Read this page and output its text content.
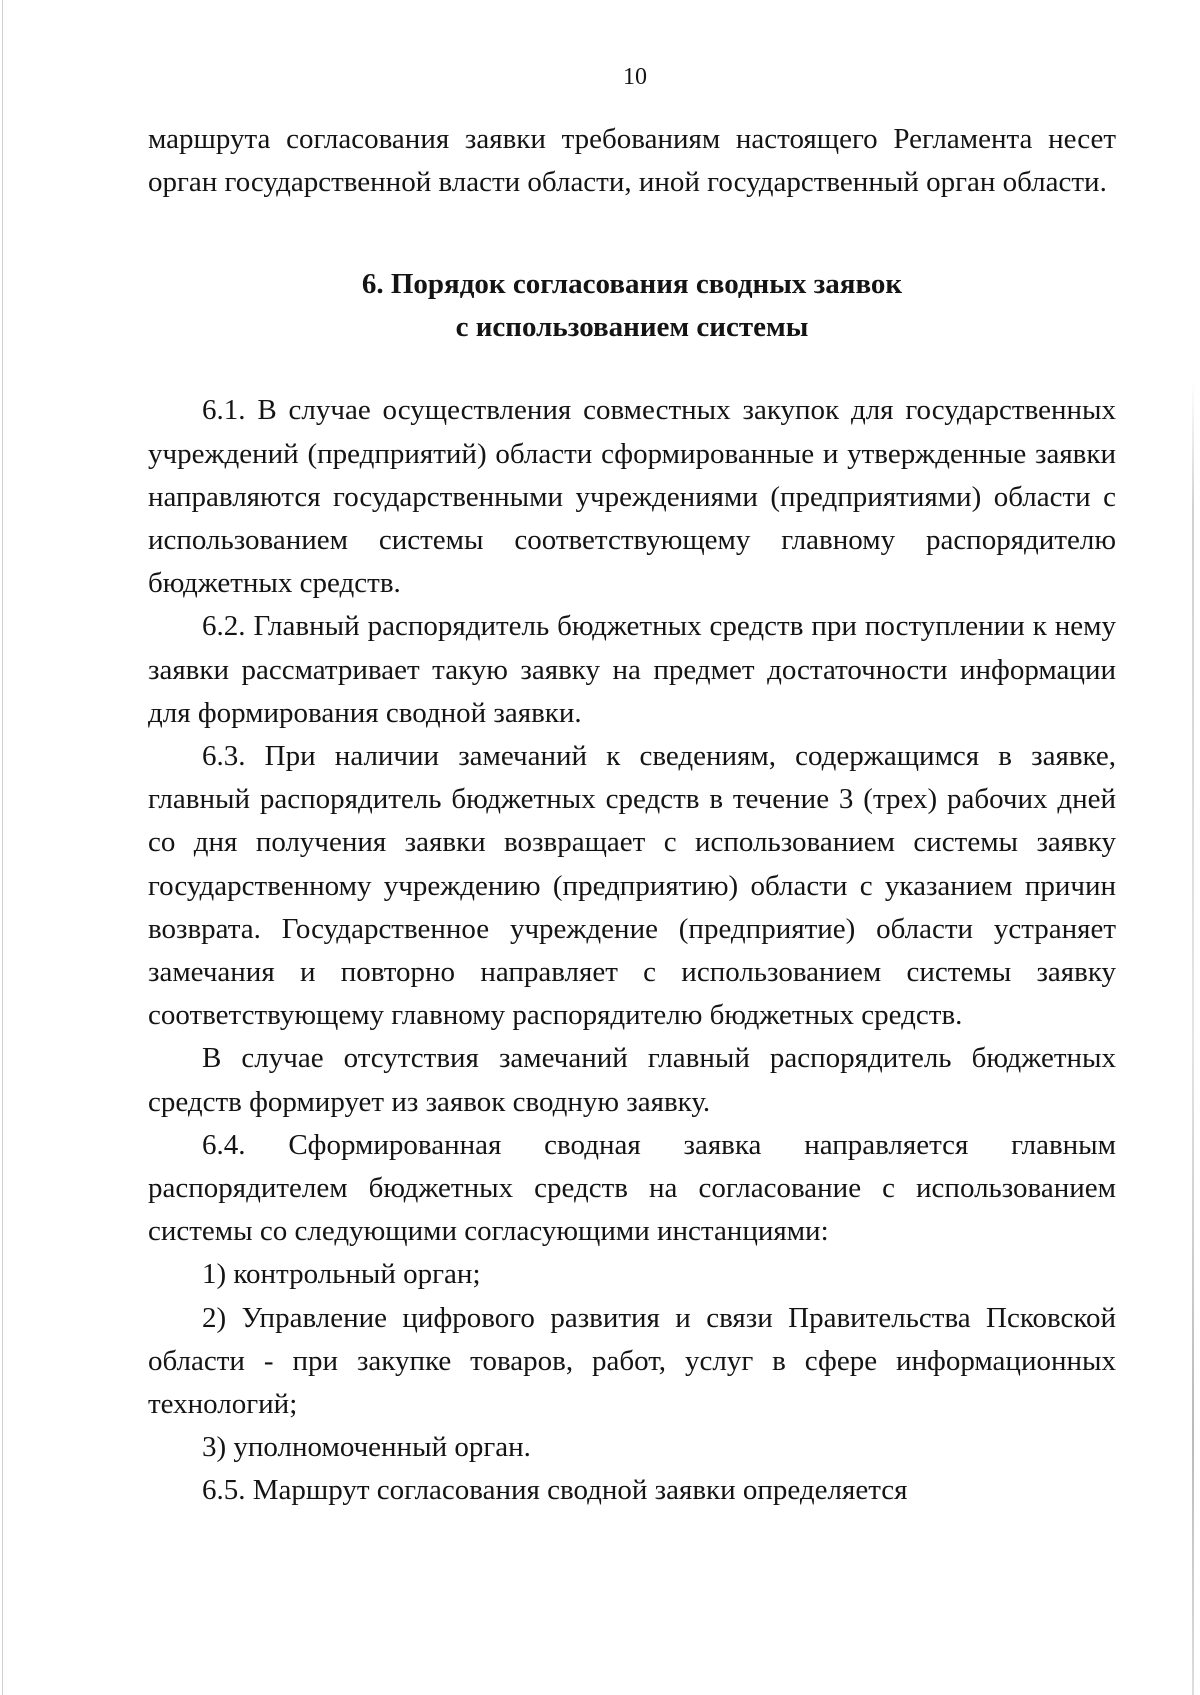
10

маршрута согласования заявки требованиям настоящего Регламента несет орган государственной власти области, иной государственный орган области.

6. Порядок согласования сводных заявок
с использованием системы

6.1. В случае осуществления совместных закупок для государственных учреждений (предприятий) области сформированные и утвержденные заявки направляются государственными учреждениями (предприятиями) области с использованием системы соответствующему главному распорядителю бюджетных средств.

6.2. Главный распорядитель бюджетных средств при поступлении к нему заявки рассматривает такую заявку на предмет достаточности информации для формирования сводной заявки.

6.3. При наличии замечаний к сведениям, содержащимся в заявке, главный распорядитель бюджетных средств в течение 3 (трех) рабочих дней со дня получения заявки возвращает с использованием системы заявку государственному учреждению (предприятию) области с указанием причин возврата. Государственное учреждение (предприятие) области устраняет замечания и повторно направляет с использованием системы заявку соответствующему главному распорядителю бюджетных средств.

В случае отсутствия замечаний главный распорядитель бюджетных средств формирует из заявок сводную заявку.

6.4. Сформированная сводная заявка направляется главным распорядителем бюджетных средств на согласование с использованием системы со следующими согласующими инстанциями:

1) контрольный орган;

2) Управление цифрового развития и связи Правительства Псковской области - при закупке товаров, работ, услуг в сфере информационных технологий;

3) уполномоченный орган.

6.5. Маршрут согласования сводной заявки определяется
